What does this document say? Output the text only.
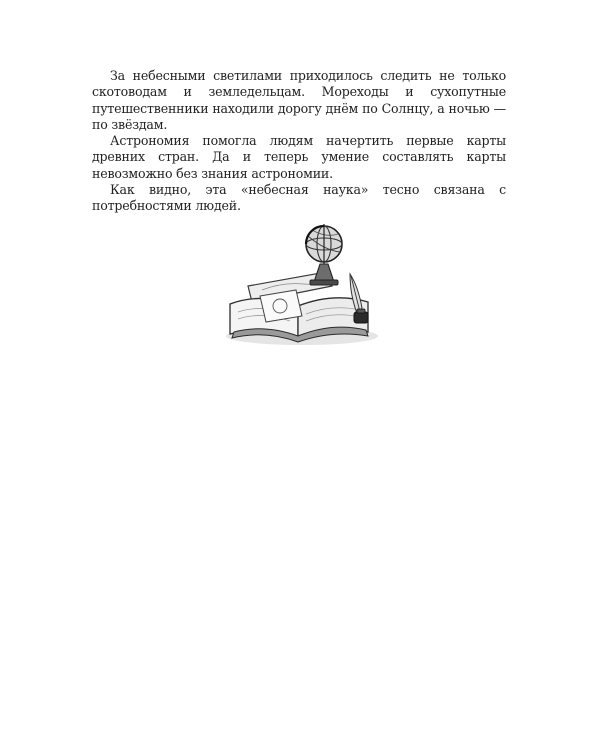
За небесными светилами приходилось следить не только скотоводам и земледельцам. Мореходы и сухопутные путешественники находили дорогу днём по Солнцу, а ночью — по звёздам.

Астрономия помогла людям начертить первые карты древних стран. Да и теперь умение составлять карты невозможно без знания астрономии.

Как видно, эта «небесная наука» тесно связана с потребностями людей.
